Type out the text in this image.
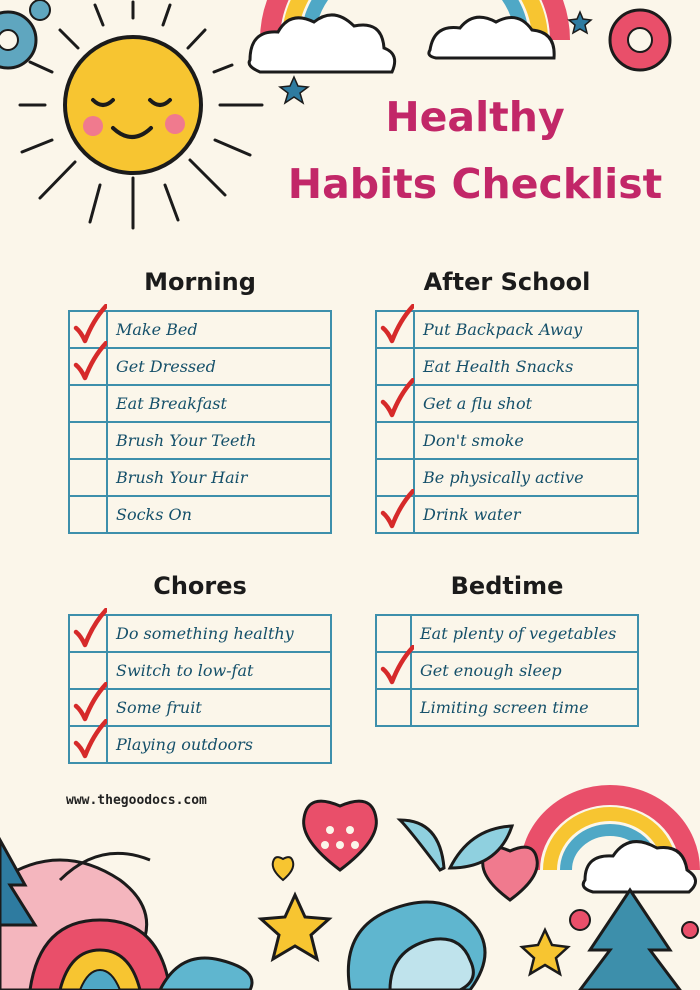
Healthy
Habits Checklist
Morning
Make Bed
Get Dressed
Eat Breakfast
Brush Your Teeth
Brush Your Hair
Socks On
After School
Put Backpack Away
Eat Health Snacks
Get a flu shot
Don't smoke
Be physically active
Drink water
Chores
Do something healthy
Switch to low-fat
Some fruit
Playing outdoors
Bedtime
Eat plenty of vegetables
Get enough sleep
Limiting screen time
www.thegoodocs.com
